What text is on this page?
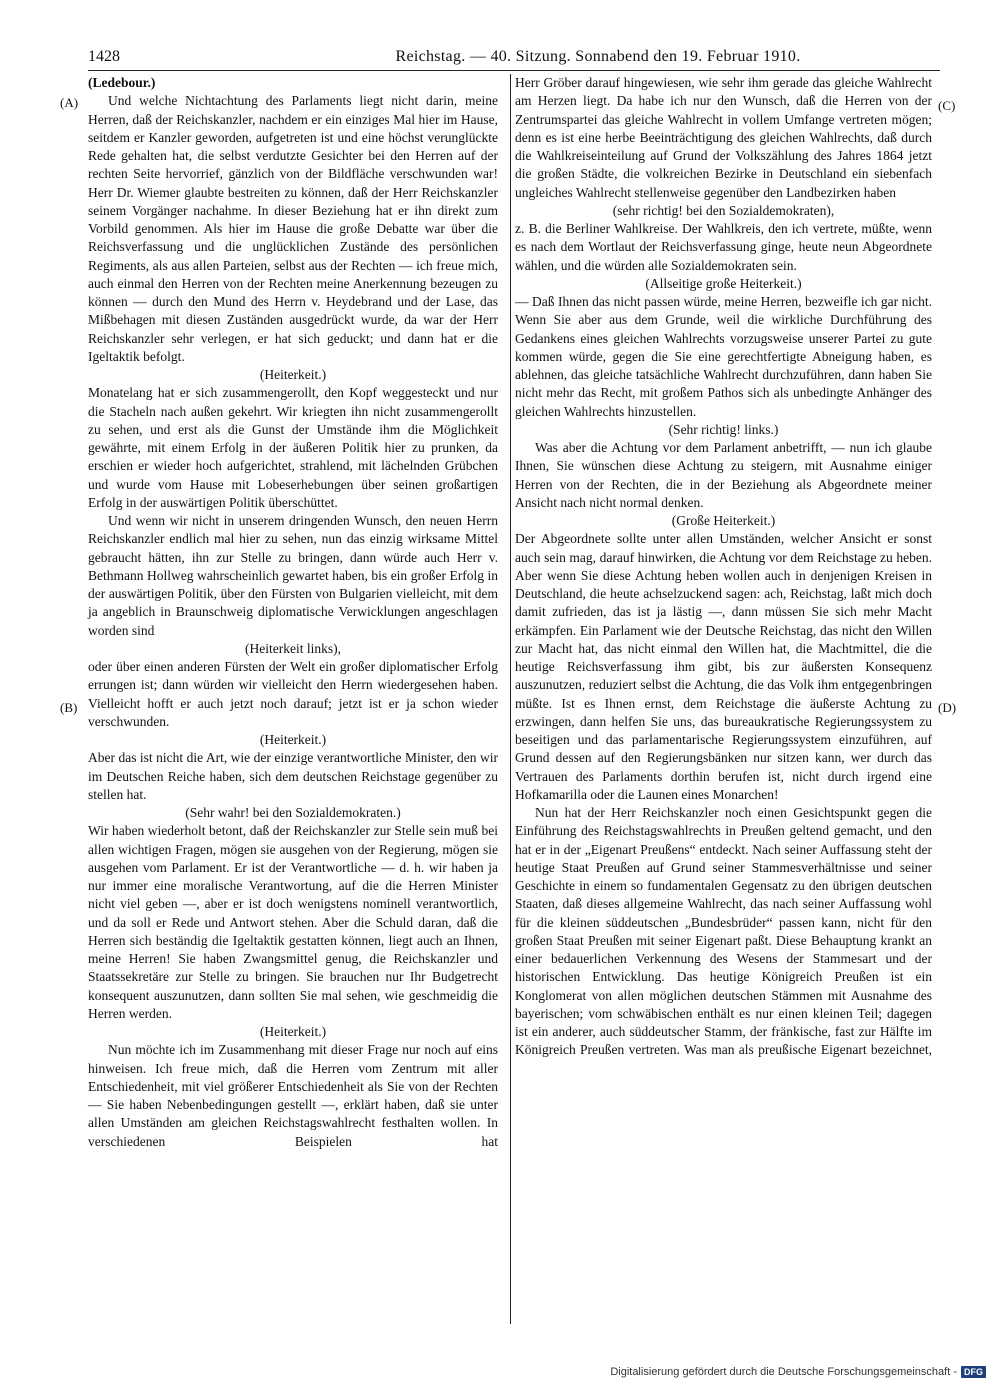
1428	Reichstag. — 40. Sitzung. Sonnabend den 19. Februar 1910.
(A)
(B)
(C)
(D)

(Ledebour.)

Und welche Nichtachtung des Parlaments liegt nicht darin, meine Herren, daß der Reichskanzler, nachdem er ein einziges Mal hier im Hause, seitdem er Kanzler geworden, aufgetreten ist und eine höchst verunglückte Rede gehalten hat, die selbst verdutzte Gesichter bei den Herren auf der rechten Seite hervorrief, gänzlich von der Bildfläche verschwunden war! Herr Dr. Wiemer glaubte bestreiten zu können, daß der Herr Reichskanzler seinem Vorgänger nachahme. In dieser Beziehung hat er ihn direkt zum Vorbild genommen. Als hier im Hause die große Debatte war über die Reichsverfassung und die unglücklichen Zustände des persönlichen Regiments, als aus allen Parteien, selbst aus der Rechten — ich freue mich, auch einmal den Herren von der Rechten meine Anerkennung bezeugen zu können — durch den Mund des Herrn v. Heydebrand und der Lase, das Mißbehagen mit diesen Zuständen ausgedrückt wurde, da war der Herr Reichskanzler sehr verlegen, er hat sich geduckt; und dann hat er die Igeltaktik befolgt.

(Heiterkeit.)

Monatelang hat er sich zusammengerollt, den Kopf weggesteckt und nur die Stacheln nach außen gekehrt. Wir kriegten ihn nicht zusammengerollt zu sehen, und erst als die Gunst der Umstände ihm die Möglichkeit gewährte, mit einem Erfolg in der äußeren Politik hier zu prunken, da erschien er wieder hoch aufgerichtet, strahlend, mit lächelnden Grübchen und wurde vom Hause mit Lobeserhebungen über seinen großartigen Erfolg in der auswärtigen Politik überschüttet.

Und wenn wir nicht in unserem dringenden Wunsch, den neuen Herrn Reichskanzler endlich mal hier zu sehen, nun das einzig wirksame Mittel gebraucht hätten, ihn zur Stelle zu bringen, dann würde auch Herr v. Bethmann Hollweg wahrscheinlich gewartet haben, bis ein großer Erfolg in der auswärtigen Politik, über den Fürsten von Bulgarien vielleicht, mit dem ja angeblich in Braunschweig diplomatische Verwicklungen angeschlagen worden sind

(Heiterkeit links),

oder über einen anderen Fürsten der Welt ein großer diplomatischer Erfolg errungen ist; dann würden wir vielleicht den Herrn wiedergesehen haben. Vielleicht hofft er auch jetzt noch darauf; jetzt ist er ja schon wieder verschwunden.

(Heiterkeit.)

Aber das ist nicht die Art, wie der einzige verantwortliche Minister, den wir im Deutschen Reiche haben, sich dem deutschen Reichstage gegenüber zu stellen hat.

(Sehr wahr! bei den Sozialdemokraten.)

Wir haben wiederholt betont, daß der Reichskanzler zur Stelle sein muß bei allen wichtigen Fragen, mögen sie ausgehen von der Regierung, mögen sie ausgehen vom Parlament. Er ist der Verantwortliche — d. h. wir haben ja nur immer eine moralische Verantwortung, auf die die Herren Minister nicht viel geben —, aber er ist doch wenigstens nominell verantwortlich, und da soll er Rede und Antwort stehen. Aber die Schuld daran, daß die Herren sich beständig die Igeltaktik gestatten können, liegt auch an Ihnen, meine Herren! Sie haben Zwangsmittel genug, die Reichskanzler und Staatssekretäre zur Stelle zu bringen. Sie brauchen nur Ihr Budgetrecht konsequent auszunutzen, dann sollten Sie mal sehen, wie geschmeidig die Herren werden.

(Heiterkeit.)

Nun möchte ich im Zusammenhang mit dieser Frage nur noch auf eins hinweisen. Ich freue mich, daß die Herren vom Zentrum mit aller Entschiedenheit, mit viel größerer Entschiedenheit als Sie von der Rechten — Sie haben Nebenbedingungen gestellt —, erklärt haben, daß sie unter allen Umständen am gleichen Reichstagswahlrecht festhalten wollen. In verschiedenen Beispielen hat

Herr Gröber darauf hingewiesen, wie sehr ihm gerade das gleiche Wahlrecht am Herzen liegt. Da habe ich nur den Wunsch, daß die Herren von der Zentrumspartei das gleiche Wahlrecht in vollem Umfange vertreten mögen; denn es ist eine herbe Beeinträchtigung des gleichen Wahlrechts, daß durch die Wahlkreiseinteilung auf Grund der Volkszählung des Jahres 1864 jetzt die großen Städte, die volkreichen Bezirke in Deutschland ein siebenfach ungleiches Wahlrecht stellenweise gegenüber den Landbezirken haben

(sehr richtig! bei den Sozialdemokraten),

z. B. die Berliner Wahlkreise. Der Wahlkreis, den ich vertrete, müßte, wenn es nach dem Wortlaut der Reichsverfassung ginge, heute neun Abgeordnete wählen, und die würden alle Sozialdemokraten sein.

(Allseitige große Heiterkeit.)

— Daß Ihnen das nicht passen würde, meine Herren, bezweifle ich gar nicht. Wenn Sie aber aus dem Grunde, weil die wirkliche Durchführung des Gedankens eines gleichen Wahlrechts vorzugsweise unserer Partei zu gute kommen würde, gegen die Sie eine gerechtfertigte Abneigung haben, es ablehnen, das gleiche tatsächliche Wahlrecht durchzuführen, dann haben Sie nicht mehr das Recht, mit großem Pathos sich als unbedingte Anhänger des gleichen Wahlrechts hinzustellen.

(Sehr richtig! links.)

Was aber die Achtung vor dem Parlament anbetrifft, — nun ich glaube Ihnen, Sie wünschen diese Achtung zu steigern, mit Ausnahme einiger Herren von der Rechten, die in der Beziehung als Abgeordnete meiner Ansicht nach nicht normal denken.

(Große Heiterkeit.)

Der Abgeordnete sollte unter allen Umständen, welcher Ansicht er sonst auch sein mag, darauf hinwirken, die Achtung vor dem Reichstage zu heben. Aber wenn Sie diese Achtung heben wollen auch in denjenigen Kreisen in Deutschland, die heute achselzuckend sagen: ach, Reichstag, laßt mich doch damit zufrieden, das ist ja lästig —, dann müssen Sie sich mehr Macht erkämpfen. Ein Parlament wie der Deutsche Reichstag, das nicht den Willen zur Macht hat, das nicht einmal den Willen hat, die Machtmittel, die die heutige Reichsverfassung ihm gibt, bis zur äußersten Konsequenz auszunutzen, reduziert selbst die Achtung, die das Volk ihm entgegenbringen müßte. Ist es Ihnen ernst, dem Reichstage die äußerste Achtung zu erzwingen, dann helfen Sie uns, das bureaukratische Regierungssystem zu beseitigen und das parlamentarische Regierungssystem einzuführen, auf Grund dessen auf den Regierungsbänken nur sitzen kann, wer durch das Vertrauen des Parlaments dorthin berufen ist, nicht durch irgend eine Hofkamarilla oder die Launen eines Monarchen!

Nun hat der Herr Reichskanzler noch einen Gesichtspunkt gegen die Einführung des Reichstagswahlrechts in Preußen geltend gemacht, und den hat er in der „Eigenart Preußens“ entdeckt. Nach seiner Auffassung steht der heutige Staat Preußen auf Grund seiner Stammesverhältnisse und seiner Geschichte in einem so fundamentalen Gegensatz zu den übrigen deutschen Staaten, daß dieses allgemeine Wahlrecht, das nach seiner Auffassung wohl für die kleinen süddeutschen „Bundesbrüder“ passen kann, nicht für den großen Staat Preußen mit seiner Eigenart paßt. Diese Behauptung krankt an einer bedauerlichen Verkennung des Wesens der Stammesart und der historischen Entwicklung. Das heutige Königreich Preußen ist ein Konglomerat von allen möglichen deutschen Stämmen mit Ausnahme des bayerischen; vom schwäbischen enthält es nur einen kleinen Teil; dagegen ist ein anderer, auch süddeutscher Stamm, der fränkische, fast zur Hälfte im Königreich Preußen vertreten. Was man als preußische Eigenart bezeichnet,

Digitalisierung gefördert durch die Deutsche Forschungsgemeinschaft - DFG
